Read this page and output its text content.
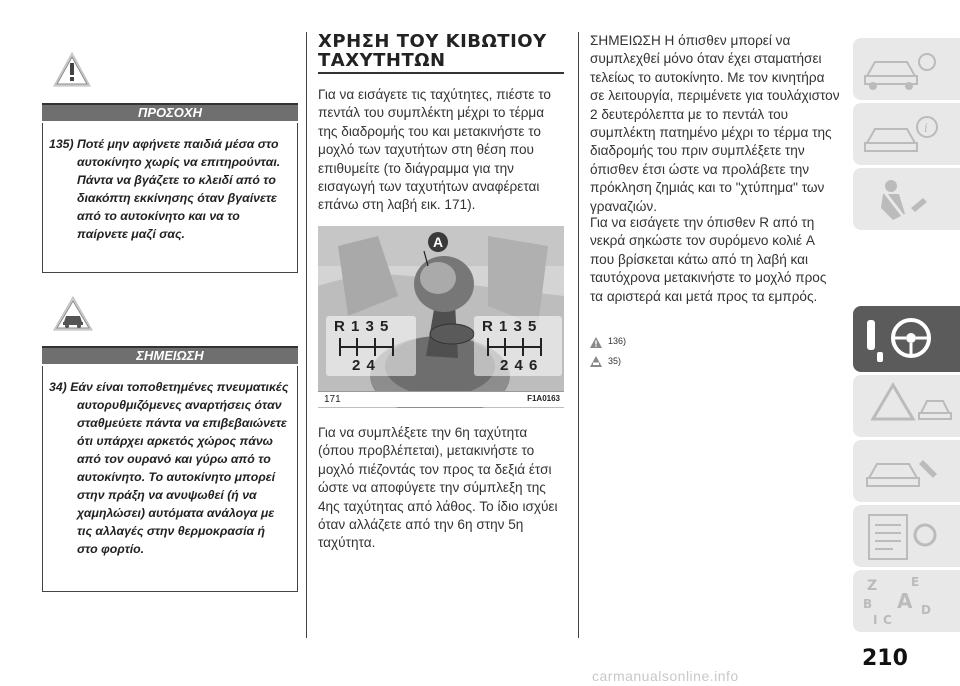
ΠΡΟΣΟΧΗ

135) Ποτέ μην αφήνετε παιδιά μέσα στο αυτοκίνητο χωρίς να επιτηρούνται. Πάντα να βγάζετε το κλειδί από το διακόπτη εκκίνησης όταν βγαίνετε από το αυτοκίνητο και να το παίρνετε μαζί σας.

ΣΗΜΕΙΩΣΗ

34) Εάν είναι τοποθετημένες πνευματικές αυτορυθμιζόμενες αναρτήσεις όταν σταθμεύετε πάντα να επιβεβαιώνετε ότι υπάρχει αρκετός χώρος πάνω από τον ουρανό και γύρω από το αυτοκίνητο. Το αυτοκίνητο μπορεί στην πράξη να ανυψωθεί (ή να χαμηλώσει) αυτόματα ανάλογα με τις αλλαγές στην θερμοκρασία ή στο φορτίο.

ΧΡΗΣΗ ΤΟΥ ΚΙΒΩΤΙΟΥ
ΤΑΧΥΤΗΤΩΝ

Για να εισάγετε τις ταχύτητες, πιέστε το πεντάλ του συμπλέκτη μέχρι το τέρμα της διαδρομής του και μετακινήστε το μοχλό των ταχυτήτων στη θέση που επιθυμείτε (το διάγραμμα για την εισαγωγή των ταχυτήτων αναφέρεται επάνω στη λαβή εικ. 171).

A
R 1 3 5
2 4
R 1 3 5
2 4 6
171	F1A0163

Για να συμπλέξετε την 6η ταχύτητα (όπου προβλέπεται), μετακινήστε το μοχλό πιέζοντάς τον προς τα δεξιά έτσι ώστε να αποφύγετε την σύμπλεξη της 4ης ταχύτητας από λάθος. Το ίδιο ισχύει όταν αλλάζετε από την 6η στην 5η ταχύτητα.

ΣΗΜΕΙΩΣΗ Η όπισθεν μπορεί να συμπλεχθεί μόνο όταν έχει σταματήσει τελείως το αυτοκίνητο. Με τον κινητήρα σε λειτουργία, περιμένετε για τουλάχιστον 2 δευτερόλεπτα με το πεντάλ του συμπλέκτη πατημένο μέχρι το τέρμα της διαδρομής του πριν συμπλέξετε την όπισθεν έτσι ώστε να προλάβετε την πρόκληση ζημιάς και το "χτύπημα" των γραναζιών.

Για να εισάγετε την όπισθεν R από τη νεκρά σηκώστε τον συρόμενο κολιέ A που βρίσκεται κάτω από τη λαβή και ταυτόχρονα μετακινήστε το μοχλό προς τα αριστερά και μετά προς τα εμπρός.

136)
35)
i
Z	E
B A
I C
D
210
carmanualsonline.info
